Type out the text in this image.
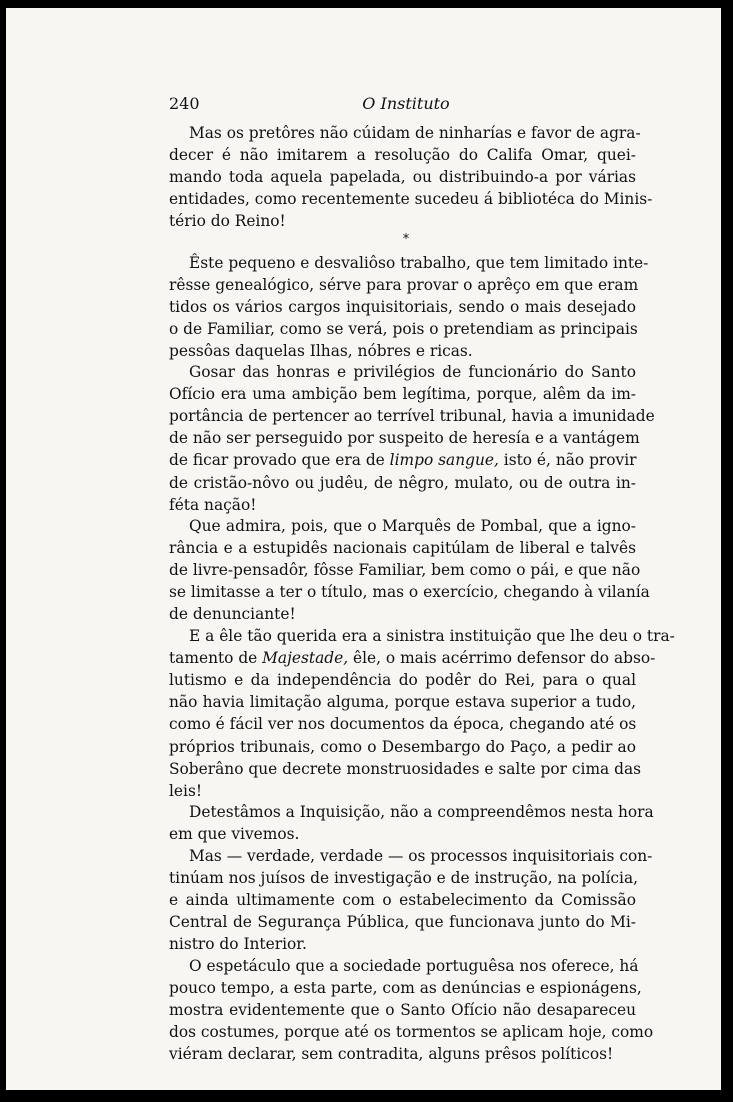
240	O Instituto

*

Mas os pretôres não cúidam de ninharías e favor de agra-

decer é não imitarem a resolução do Califa Omar, quei-

mando toda aquela papelada, ou distribuindo-a por várias

entidades, como recentemente sucedeu á bibliotéca do Minis-

tério do Reino!

Êste pequeno e desvaliôso trabalho, que tem limitado inte-

rêsse genealógico, sérve para provar o aprêço em que eram

tidos os vários cargos inquisitoriais, sendo o mais desejado

o de Familiar, como se verá, pois o pretendiam as principais

pessôas daquelas Ilhas, nóbres e ricas.

Gosar das honras e privilégios de funcionário do Santo

Ofício era uma ambição bem legítima, porque, alêm da im-

portância de pertencer ao terrível tribunal, havia a imunidade

de não ser perseguido por suspeito de heresía e a vantágem

de ficar provado que era de limpo sangue, isto é, não provir

de cristão-nôvo ou judêu, de nêgro, mulato, ou de outra in-

féta nação!

Que admira, pois, que o Marquês de Pombal, que a igno-

rância e a estupidês nacionais capitúlam de liberal e talvês

de livre-pensadôr, fôsse Familiar, bem como o pái, e que não

se limitasse a ter o título, mas o exercício, chegando à vilanía

de denunciante!

E a êle tão querida era a sinistra instituição que lhe deu o tra-

tamento de Majestade, êle, o mais acérrimo defensor do abso-

lutismo e da independência do podêr do Rei, para o qual

não havia limitação alguma, porque estava superior a tudo,

como é fácil ver nos documentos da época, chegando até os

próprios tribunais, como o Desembargo do Paço, a pedir ao

Soberâno que decrete monstruosidades e salte por cima das

leis!

Detestâmos a Inquisição, não a compreendêmos nesta hora

em que vivemos.

Mas — verdade, verdade — os processos inquisitoriais con-

tinúam nos juísos de investigação e de instrução, na polícia,

e ainda ultimamente com o estabelecimento da Comissão

Central de Segurança Pública, que funcionava junto do Mi-

nistro do Interior.

O espetáculo que a sociedade portuguêsa nos oferece, há

pouco tempo, a esta parte, com as denúncias e espionágens,

mostra evidentemente que o Santo Ofício não desapareceu

dos costumes, porque até os tormentos se aplicam hoje, como

viéram declarar, sem contradita, alguns prêsos políticos!
